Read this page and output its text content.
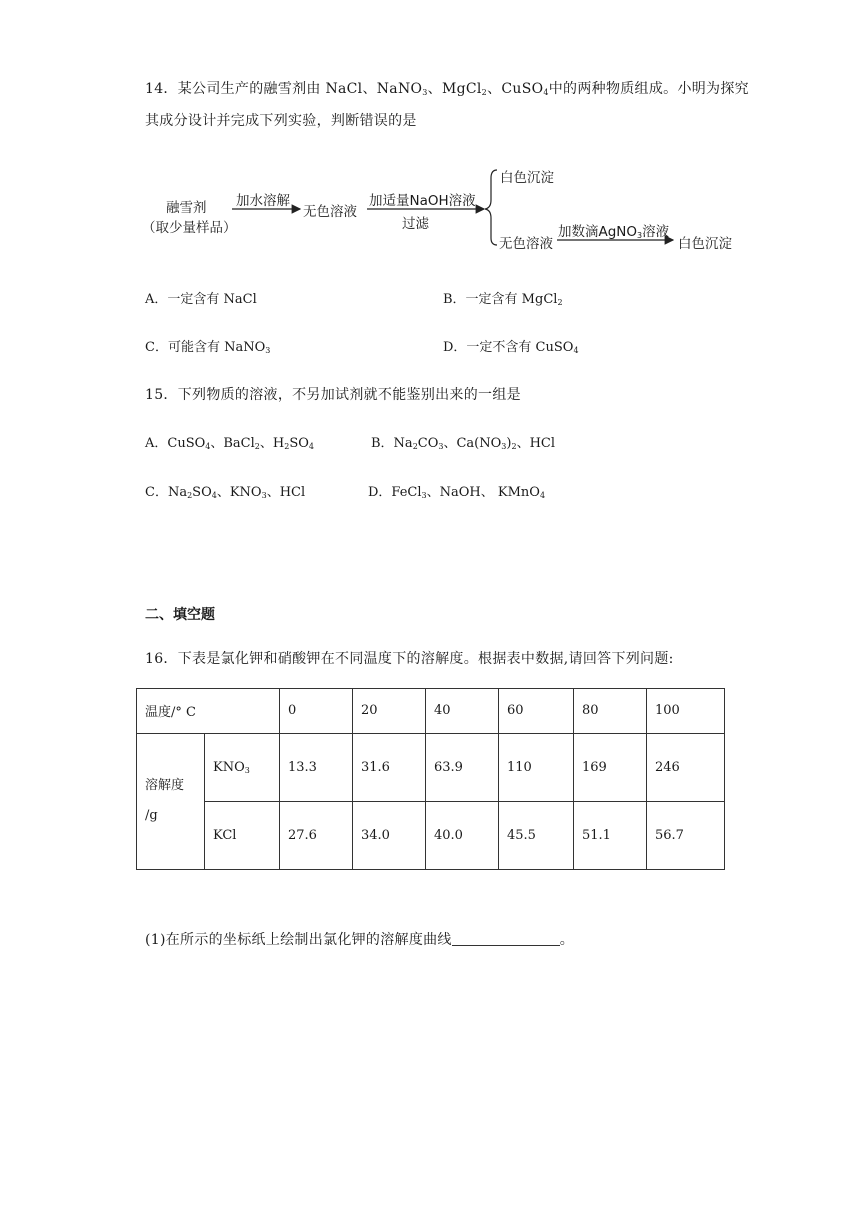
14．某公司生产的融雪剂由 NaCl、NaNO$_3$、MgCl$_2$、CuSO$_4$中的两种物质组成。小明为探究
其成分设计并完成下列实验，判断错误的是
融雪剂
（取少量样品）
加水溶解
无色溶液
加适量NaOH溶液
过滤
白色沉淀
无色溶液
加数滴AgNO$_3$溶液
白色沉淀
A．一定含有 NaCl	B．一定含有 MgCl$_2$
C．可能含有 NaNO$_3$	D．一定不含有 CuSO$_4$
15．下列物质的溶液，不另加试剂就不能鉴别出来的一组是
A．CuSO$_4$、BaCl$_2$、$H_2SO_4$	B．$Na_2CO_3$、$Ca(NO_3)_2$、HCl
C．$Na_2SO_4$、$KNO_3$、HCl	D．FeCl$_3$、NaOH、 KMnO$_4$
二、填空题
16．下表是氯化钾和硝酸钾在不同温度下的溶解度。根据表中数据,请回答下列问题:
温度/° C		0	20	40	60	80	100
溶解度
/g	$KNO_3$	13.3	31.6	63.9	110	169	246
	KCl	27.6	34.0	40.0	45.5	51.1	56.7
(1)在所示的坐标纸上绘制出氯化钾的溶解度曲线	。
